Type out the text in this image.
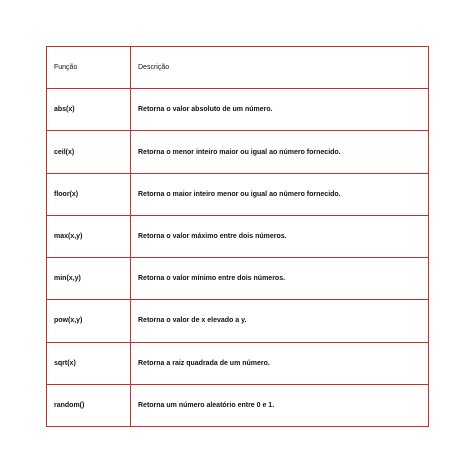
Função	Descrição
abs(x)	Retorna o valor absoluto de um número.
ceil(x)	Retorna o menor inteiro maior ou igual ao número fornecido.
floor(x)	Retorna o maior inteiro menor ou igual ao número fornecido.
max(x,y)	Retorna o valor máximo entre dois números.
min(x,y)	Retorna o valor mínimo entre dois números.
pow(x,y)	Retorna o valor de x elevado a y.
sqrt(x)	Retorna a raiz quadrada de um número.
random()	Retorna um número aleatório entre 0 e 1.
